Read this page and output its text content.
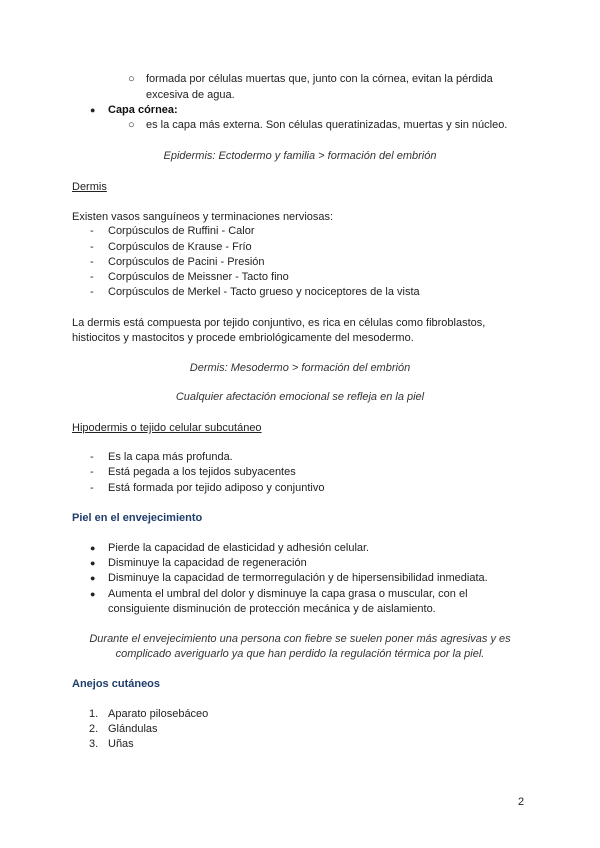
○ formada por células muertas que, junto con la córnea, evitan la pérdida
excesiva de agua.
● Capa córnea:
○ es la capa más externa. Son células queratinizadas, muertas y sin núcleo.
Epidermis: Ectodermo y familia > formación del embrión
Dermis
Existen vasos sanguíneos y terminaciones nerviosas:
- Corpúsculos de Ruffini - Calor
- Corpúsculos de Krause - Frío
- Corpúsculos de Pacini - Presión
- Corpúsculos de Meissner - Tacto fino
- Corpúsculos de Merkel - Tacto grueso y nociceptores de la vista
La dermis está compuesta por tejido conjuntivo, es rica en células como fibroblastos,
histiocitos y mastocitos y procede embriológicamente del mesodermo.
Dermis: Mesodermo > formación del embrión
Cualquier afectación emocional se refleja en la piel
Hipodermis o tejido celular subcutáneo
- Es la capa más profunda.
- Está pegada a los tejidos subyacentes
- Está formada por tejido adiposo y conjuntivo
Piel en el envejecimiento
● Pierde la capacidad de elasticidad y adhesión celular.
● Disminuye la capacidad de regeneración
● Disminuye la capacidad de termorregulación y de hipersensibilidad inmediata.
● Aumenta el umbral del dolor y disminuye la capa grasa o muscular, con el
consiguiente disminución de protección mecánica y de aislamiento.
Durante el envejecimiento una persona con fiebre se suelen poner más agresivas y es
complicado averiguarlo ya que han perdido la regulación térmica por la piel.
Anejos cutáneos
1. Aparato pilosebáceo
2. Glándulas
3. Uñas
2
